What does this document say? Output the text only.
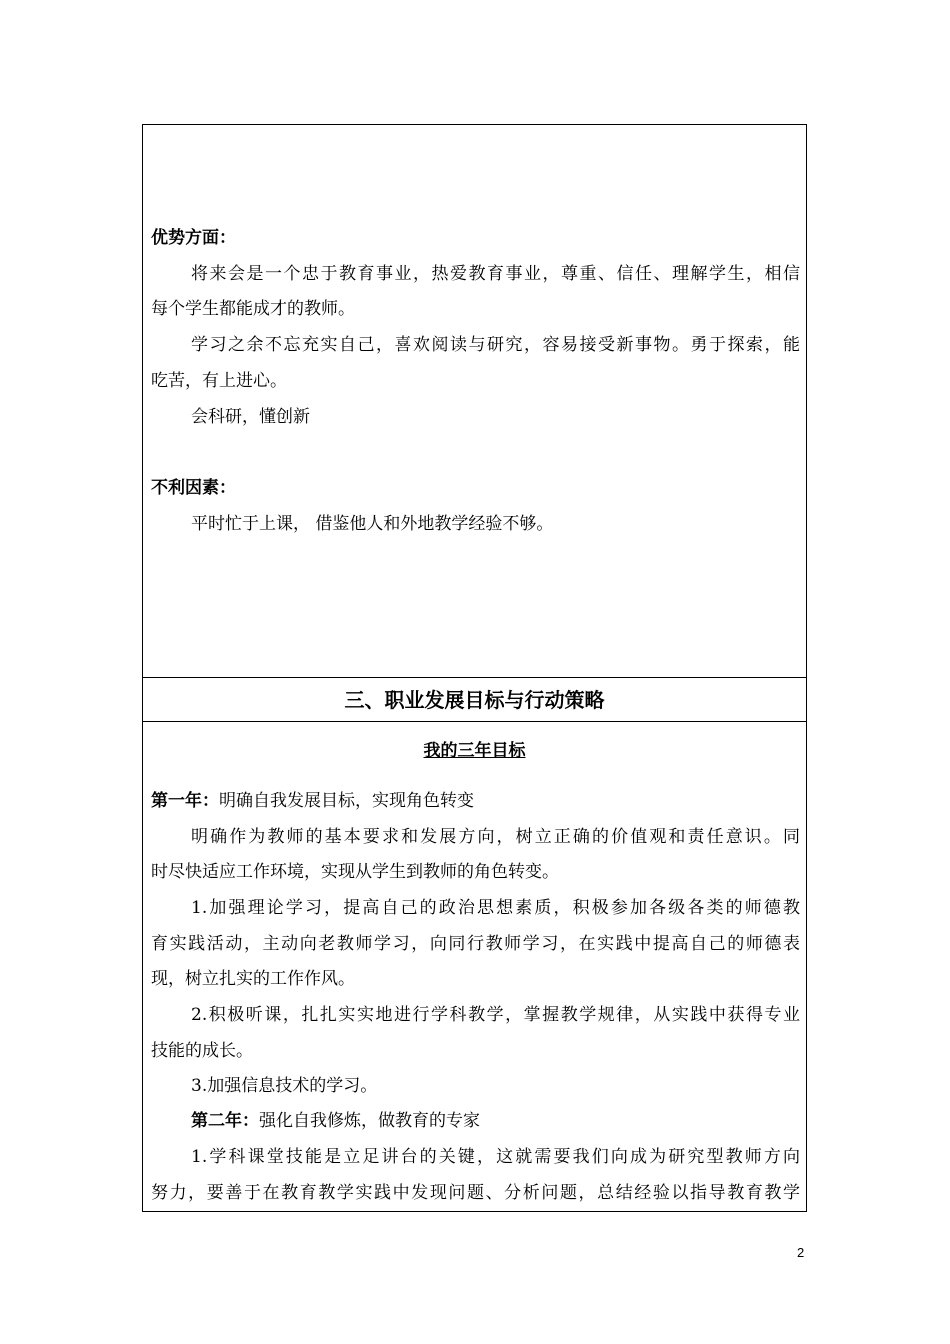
优势方面：
将来会是一个忠于教育事业，热爱教育事业，尊重、信任、理解学生，相信
每个学生都能成才的教师。
学习之余不忘充实自己，喜欢阅读与研究，容易接受新事物。勇于探索，能
吃苦，有上进心。
会科研，懂创新
不利因素：
平时忙于上课， 借鉴他人和外地教学经验不够。
三、职业发展目标与行动策略
我的三年目标
第一年：明确自我发展目标，实现角色转变
明确作为教师的基本要求和发展方向，树立正确的价值观和责任意识。同
时尽快适应工作环境，实现从学生到教师的角色转变。
1.加强理论学习，提高自己的政治思想素质，积极参加各级各类的师德教
育实践活动，主动向老教师学习，向同行教师学习，在实践中提高自己的师德表
现，树立扎实的工作作风。
2.积极听课，扎扎实实地进行学科教学，掌握教学规律，从实践中获得专业
技能的成长。
3.加强信息技术的学习。
第二年：强化自我修炼，做教育的专家
1.学科课堂技能是立足讲台的关键，这就需要我们向成为研究型教师方向
努力，要善于在教育教学实践中发现问题、分析问题，总结经验以指导教育教学
2
